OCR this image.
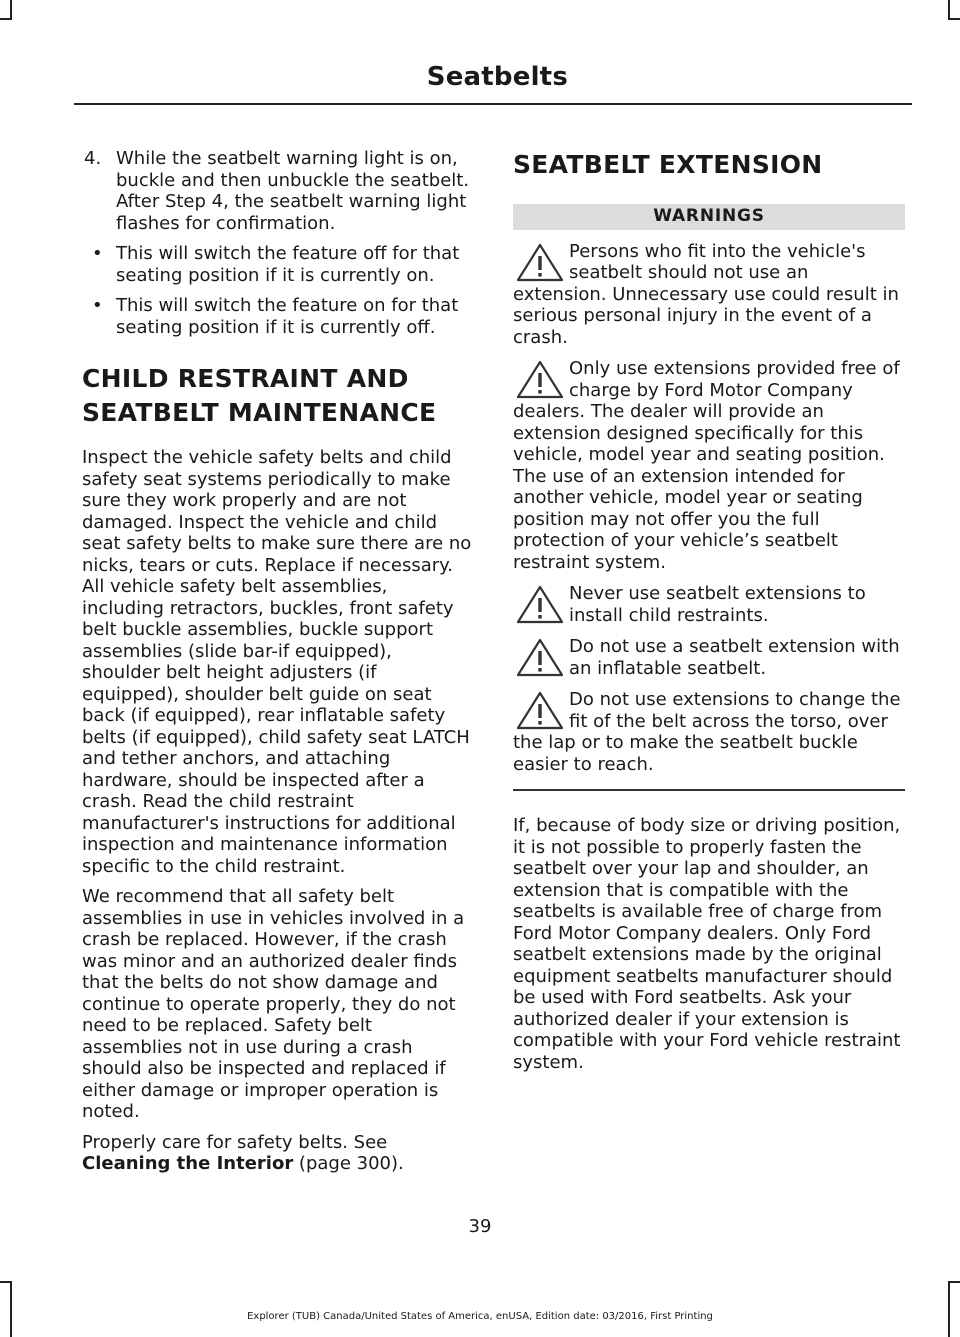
Seatbelts
4. While the seatbelt warning light is on, buckle and then unbuckle the seatbelt. After Step 4, the seatbelt warning light flashes for confirmation.
• This will switch the feature off for that seating position if it is currently on.
• This will switch the feature on for that seating position if it is currently off.
CHILD RESTRAINT AND
SEATBELT MAINTENANCE

Inspect the vehicle safety belts and child safety seat systems periodically to make sure they work properly and are not damaged. Inspect the vehicle and child seat safety belts to make sure there are no nicks, tears or cuts. Replace if necessary. All vehicle safety belt assemblies, including retractors, buckles, front safety belt buckle assemblies, buckle support assemblies (slide bar-if equipped), shoulder belt height adjusters (if equipped), shoulder belt guide on seat back (if equipped), rear inflatable safety belts (if equipped), child safety seat LATCH and tether anchors, and attaching hardware, should be inspected after a crash. Read the child restraint manufacturer's instructions for additional inspection and maintenance information specific to the child restraint.

We recommend that all safety belt assemblies in use in vehicles involved in a crash be replaced. However, if the crash was minor and an authorized dealer finds that the belts do not show damage and continue to operate properly, they do not need to be replaced. Safety belt assemblies not in use during a crash should also be inspected and replaced if either damage or improper operation is noted.

Properly care for safety belts. See
Cleaning the Interior (page 300).

SEATBELT EXTENSION
WARNINGS
Persons who fit into the vehicle's seatbelt should not use an extension. Unnecessary use could result in serious personal injury in the event of a crash.
Only use extensions provided free of charge by Ford Motor Company dealers. The dealer will provide an extension designed specifically for this vehicle, model year and seating position. The use of an extension intended for another vehicle, model year or seating position may not offer you the full protection of your vehicle’s seatbelt restraint system.
Never use seatbelt extensions to install child restraints.
Do not use a seatbelt extension with an inflatable seatbelt.
Do not use extensions to change the fit of the belt across the torso, over the lap or to make the seatbelt buckle easier to reach.

If, because of body size or driving position, it is not possible to properly fasten the seatbelt over your lap and shoulder, an extension that is compatible with the seatbelts is available free of charge from Ford Motor Company dealers. Only Ford seatbelt extensions made by the original equipment seatbelts manufacturer should be used with Ford seatbelts. Ask your authorized dealer if your extension is compatible with your Ford vehicle restraint system.

39
Explorer (TUB) Canada/United States of America, enUSA, Edition date: 03/2016, First Printing
